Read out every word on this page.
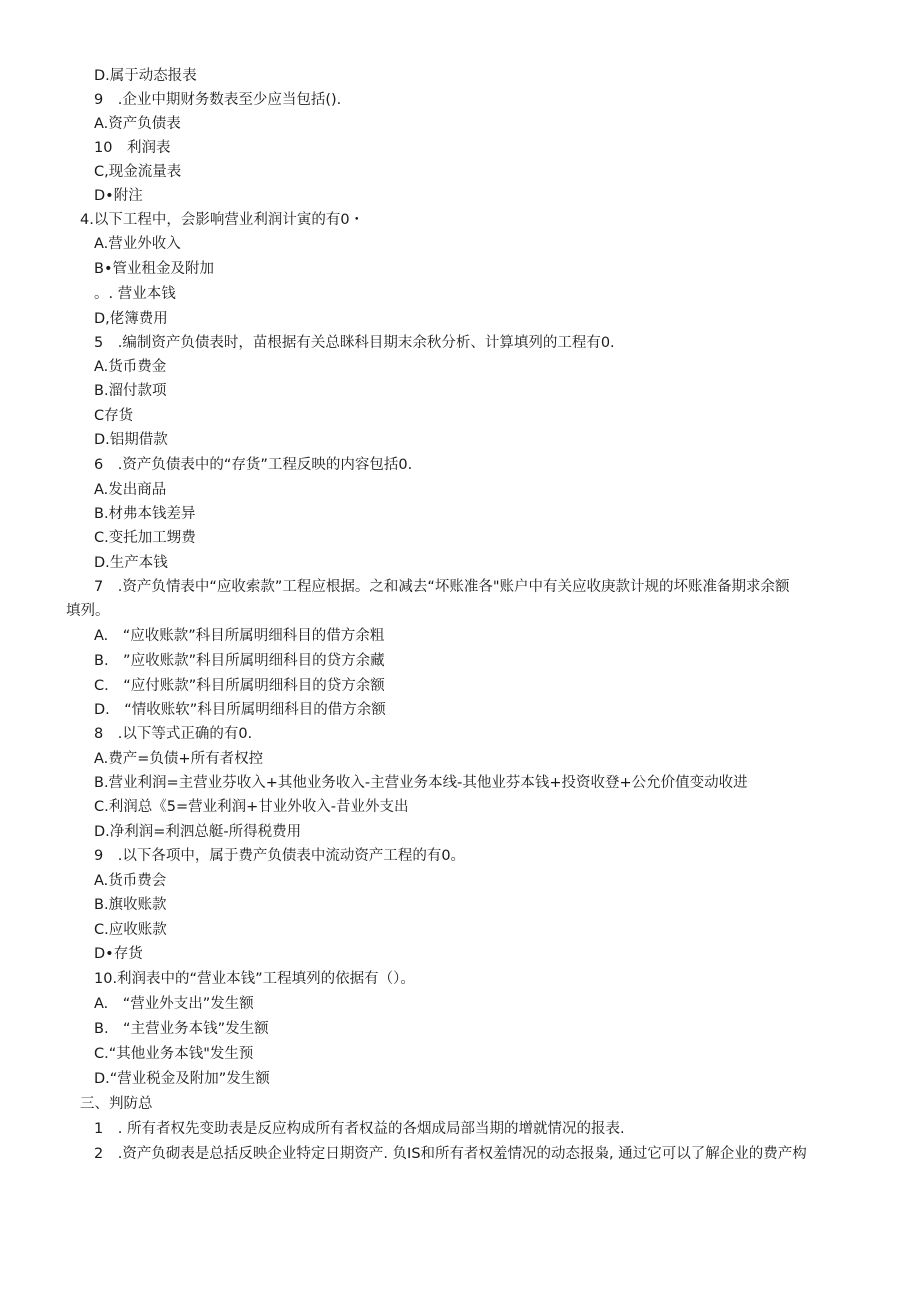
D.属于动态报表
9　.企业中期财务数表至少应当包括().
A.资产负债表
10　利润表
C,现金流量表
D•附注
4.以下工程中，会影响营业利润计寅的有0・
A.营业外收入
B•管业租金及附加
。. 营业本钱
D,佬簿费用
5　.编制资产负债表时，苗根据有关总眯科目期末余秋分析、计算填列的工程有0.
A.货币费金
B.溜付款项
C存货
D.铝期借款
6　.资产负债表中的“存货”工程反映的内容包括0.
A.发出商品
B.材弗本钱差异
C.变托加工甥费
D.生产本钱
7　.资产负情表中“应收索款”工程应根据。之和减去“坏账准各"账户中有关应收庚款计规的坏账准备期求余额
填列。
A.　“应收账款”科目所属明细科目的借方余粗
B.　”应收账款”科目所属明细科目的贷方余藏
C.　“应付账款”科目所属明细科目的贷方余额
D.　“情收账软”科目所属明细科目的借方余额
8　.以下等式正确的有0.
A.费产=负债+所有者权控
B.营业利润=主营业芬收入+其他业务收入-主营业务本线-其他业芬本钱+投资收登+公允价值变动收进
C.利润总《5=营业利润+甘业外收入-昔业外支出
D.净利润=利泗总艇-所得税费用
9　.以下各项中，属于费产负债表中流动资产工程的有0。
A.货币费会
B.旗收账款
C.应收账款
D•存货
10.利润表中的“营业本钱”工程填列的依据有（）。
A.　“营业外支出”发生额
B.　“主营业务本钱”发生额
C.“其他业务本钱"发生预
D.“营业税金及附加”发生额
三、判防总
1　. 所有者权先变助表是反应构成所有者权益的各烟成局部当期的增就情况的报表.
2　.资产负砌表是总括反映企业特定日期资产. 负IS和所有者权羞情况的动态报枭, 通过它可以了解企业的费产构
